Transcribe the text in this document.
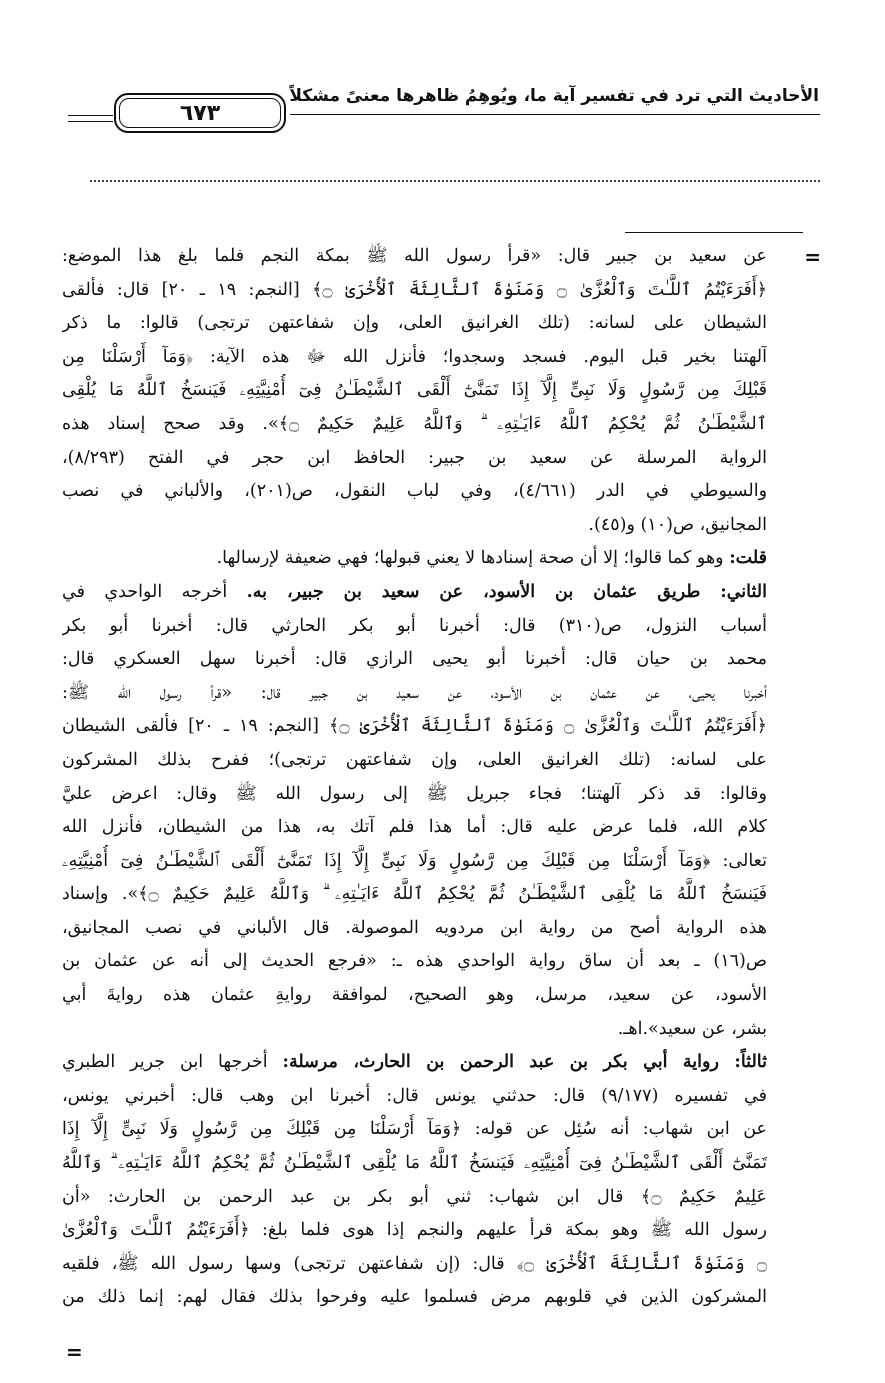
الأحاديث التي ترد في تفسير آية ما، ويُوهِمُ ظاهرها معنىً مشكلاً
٦٧٣
=
عن سعيد بن جبير قال: «قرأ رسول الله ﷺ بمكة النجم فلما بلغ هذا الموضع:
﴿أَفَرَءَيْتُمُ ٱللَّـٰتَ وَٱلْعُزَّىٰ ۝ وَمَنَوٰةَ ٱلثَّالِثَةَ ٱلْأُخْرَىٰ ۝﴾ [النجم: ١٩ ـ ٢٠] قال: فألقى
الشيطان على لسانه: (تلك الغرانيق العلى، وإن شفاعتهن ترتجى) قالوا: ما ذكر
آلهتنا بخير قبل اليوم. فسجد وسجدوا؛ فأنزل الله ﷻ هذه الآية: ﴿وَمَآ أَرْسَلْنَا مِن
قَبْلِكَ مِن رَّسُولٍ وَلَا نَبِىٍّ إِلَّآ إِذَا تَمَنَّىٰٓ أَلْقَى ٱلشَّيْطَـٰنُ فِىٓ أُمْنِيَّتِهِۦ فَيَنسَخُ ٱللَّهُ مَا يُلْقِى
ٱلشَّيْطَـٰنُ ثُمَّ يُحْكِمُ ٱللَّهُ ءَايَـٰتِهِۦ ۗ وَٱللَّهُ عَلِيمٌ حَكِيمٌ ۝﴾». وقد صحح إسناد هذه
الرواية المرسلة عن سعيد بن جبير: الحافظ ابن حجر في الفتح (٨/٢٩٣)،
والسيوطي في الدر (٤/٦٦١)، وفي لباب النقول، ص(٢٠١)، والألباني في نصب
المجانيق، ص(١٠) و(٤٥).
قلت: وهو كما قالوا؛ إلا أن صحة إسنادها لا يعني قبولها؛ فهي ضعيفة لإرسالها.
الثاني: طريق عثمان بن الأسود، عن سعيد بن جبير، به. أخرجه الواحدي في
أسباب النزول، ص(٣١٠) قال: أخبرنا أبو بكر الحارثي قال: أخبرنا أبو بكر
محمد بن حيان قال: أخبرنا أبو يحيى الرازي قال: أخبرنا سهل العسكري قال:
أخبرنا يحيى، عن عثمان بن الأسود، عن سعيد بن جبير قال: «قرأ رسول الله ﷺ:
﴿أَفَرَءَيْتُمُ ٱللَّـٰتَ وَٱلْعُزَّىٰ ۝ وَمَنَوٰةَ ٱلثَّالِثَةَ ٱلْأُخْرَىٰ ۝﴾ [النجم: ١٩ ـ ٢٠] فألقى الشيطان
على لسانه: (تلك الغرانيق العلى، وإن شفاعتهن ترتجى)؛ ففرح بذلك المشركون
وقالوا: قد ذكر آلهتنا؛ فجاء جبريل ﷺ إلى رسول الله ﷺ وقال: اعرض عليَّ
كلام الله، فلما عرض عليه قال: أما هذا فلم آتك به، هذا من الشيطان، فأنزل الله
تعالى: ﴿وَمَآ أَرْسَلْنَا مِن قَبْلِكَ مِن رَّسُولٍ وَلَا نَبِىٍّ إِلَّآ إِذَا تَمَنَّىٰٓ أَلْقَى ٱلشَّيْطَـٰنُ فِىٓ أُمْنِيَّتِهِۦ
فَيَنسَخُ ٱللَّهُ مَا يُلْقِى ٱلشَّيْطَـٰنُ ثُمَّ يُحْكِمُ ٱللَّهُ ءَايَـٰتِهِۦ ۗ وَٱللَّهُ عَلِيمٌ حَكِيمٌ ۝﴾». وإسناد
هذه الرواية أصح من رواية ابن مردويه الموصولة. قال الألباني في نصب المجانيق،
ص(١٦) ـ بعد أن ساق رواية الواحدي هذه ـ: «فرجع الحديث إلى أنه عن عثمان بن
الأسود، عن سعيد، مرسل، وهو الصحيح، لموافقة روايةِ عثمان هذه روايةَ أبي
بشر، عن سعيد».اهـ.
ثالثاً: رواية أبي بكر بن عبد الرحمن بن الحارث، مرسلة: أخرجها ابن جرير الطبري
في تفسيره (٩/١٧٧) قال: حدثني يونس قال: أخبرنا ابن وهب قال: أخبرني يونس،
عن ابن شهاب: أنه سُئِل عن قوله: ﴿وَمَآ أَرْسَلْنَا مِن قَبْلِكَ مِن رَّسُولٍ وَلَا نَبِىٍّ إِلَّآ إِذَا
تَمَنَّىٰٓ أَلْقَى ٱلشَّيْطَـٰنُ فِىٓ أُمْنِيَّتِهِۦ فَيَنسَخُ ٱللَّهُ مَا يُلْقِى ٱلشَّيْطَـٰنُ ثُمَّ يُحْكِمُ ٱللَّهُ ءَايَـٰتِهِۦ ۗ وَٱللَّهُ
عَلِيمٌ حَكِيمٌ ۝﴾ قال ابن شهاب: ثني أبو بكر بن عبد الرحمن بن الحارث: «أن
رسول الله ﷺ وهو بمكة قرأ عليهم والنجم إذا هوى فلما بلغ: ﴿أَفَرَءَيْتُمُ ٱللَّـٰتَ وَٱلْعُزَّىٰ
۝ وَمَنَوٰةَ ٱلثَّالِثَةَ ٱلْأُخْرَىٰ ۝﴾ قال: (إن شفاعتهن ترتجى) وسها رسول الله ﷺ، فلقيه
المشركون الذين في قلوبهم مرض فسلموا عليه وفرحوا بذلك فقال لهم: إنما ذلك من
=
